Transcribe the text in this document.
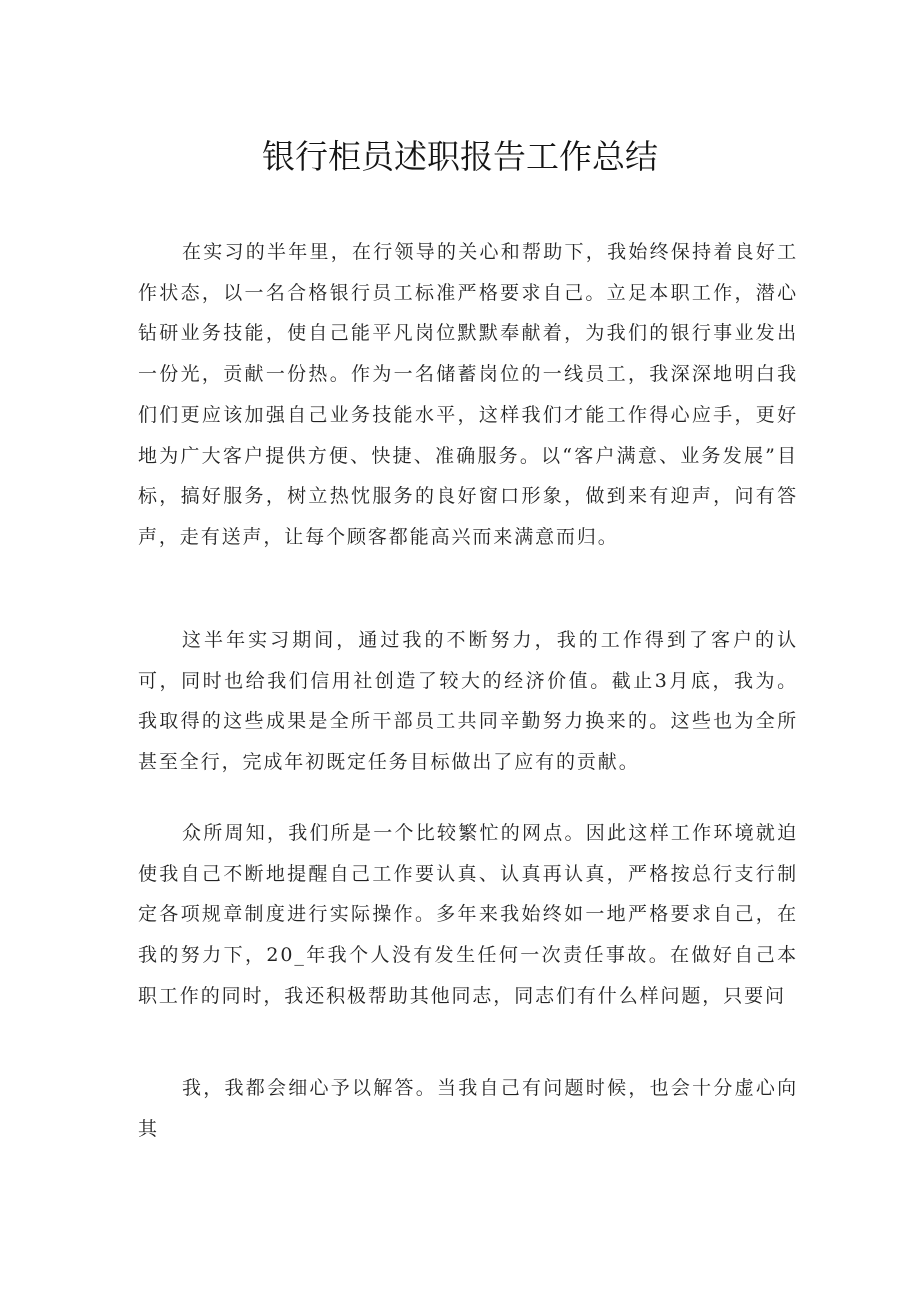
银行柜员述职报告工作总结

在实习的半年里，在行领导的关心和帮助下，我始终保持着良好工作状态，以一名合格银行员工标准严格要求自己。立足本职工作，潜心钻研业务技能，使自己能平凡岗位默默奉献着，为我们的银行事业发出一份光，贡献一份热。作为一名储蓄岗位的一线员工，我深深地明白我们们更应该加强自己业务技能水平，这样我们才能工作得心应手，更好地为广大客户提供方便、快捷、准确服务。以“客户满意、业务发展”目标，搞好服务，树立热忱服务的良好窗口形象，做到来有迎声，问有答声，走有送声，让每个顾客都能高兴而来满意而归。

这半年实习期间，通过我的不断努力，我的工作得到了客户的认可，同时也给我们信用社创造了较大的经济价值。截止3月底，我为。我取得的这些成果是全所干部员工共同辛勤努力换来的。这些也为全所甚至全行，完成年初既定任务目标做出了应有的贡献。

众所周知，我们所是一个比较繁忙的网点。因此这样工作环境就迫使我自己不断地提醒自己工作要认真、认真再认真，严格按总行支行制定各项规章制度进行实际操作。多年来我始终如一地严格要求自己，在我的努力下，20_年我个人没有发生任何一次责任事故。在做好自己本职工作的同时，我还积极帮助其他同志，同志们有什么样问题，只要问

我，我都会细心予以解答。当我自己有问题时候，也会十分虚心向其
